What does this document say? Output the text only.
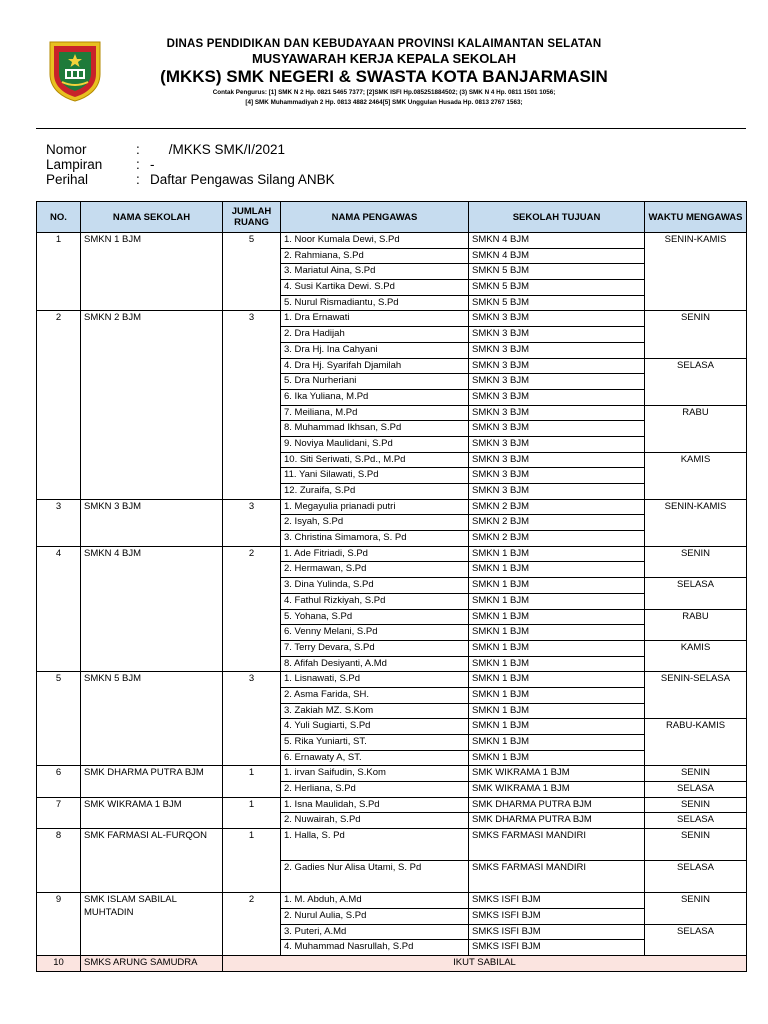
DINAS PENDIDIKAN DAN KEBUDAYAAN PROVINSI KALAIMANTAN SELATAN
MUSYAWARAH KERJA KEPALA SEKOLAH
(MKKS) SMK NEGERI & SWASTA KOTA BANJARMASIN
Contak Pengurus: [1] SMK N 2 Hp. 0821 5465 7377; [2]SMK ISFI Hp.085251884502; (3) SMK N 4 Hp. 0811 1501 1056;
[4] SMK Muhammadiyah 2 Hp. 0813 4882 2464[5] SMK Unggulan Husada Hp. 0813 2767 1563;
Nomor	: /MKKS SMK/I/2021
Lampiran	: -
Perihal	: Daftar Pengawas Silang ANBK
NO.	NAMA SEKOLAH	JUMLAH RUANG	NAMA PENGAWAS	SEKOLAH TUJUAN	WAKTU MENGAWAS
1	SMKN 1 BJM	5	1. Noor Kumala Dewi, S.Pd	SMKN 4 BJM	SENIN-KAMIS
			2. Rahmiana, S.Pd	SMKN 4 BJM	
			3. Mariatul Aina, S.Pd	SMKN 5 BJM	
			4. Susi Kartika Dewi. S.Pd	SMKN 5 BJM	
			5. Nurul Rismadiantu, S.Pd	SMKN 5 BJM	
2	SMKN 2 BJM	3	1. Dra Ernawati	SMKN 3 BJM	SENIN
			2. Dra Hadijah	SMKN 3 BJM	
			3. Dra Hj. Ina Cahyani	SMKN 3 BJM	
			4. Dra Hj. Syarifah Djamilah	SMKN 3 BJM	SELASA
			5. Dra Nurheriani	SMKN 3 BJM	
			6. Ika Yuliana, M.Pd	SMKN 3 BJM	
			7. Meiliana, M.Pd	SMKN 3 BJM	RABU
			8. Muhammad Ikhsan, S.Pd	SMKN 3 BJM	
			9. Noviya Maulidani, S.Pd	SMKN 3 BJM	
			10. Siti Seriwati, S.Pd., M.Pd	SMKN 3 BJM	KAMIS
			11. Yani Silawati, S.Pd	SMKN 3 BJM	
			12. Zuraifa, S.Pd	SMKN 3 BJM	
3	SMKN 3 BJM	3	1. Megayulia prianadi putri	SMKN 2 BJM	SENIN-KAMIS
			2. Isyah, S.Pd	SMKN 2 BJM	
			3. Christina Simamora, S. Pd	SMKN 2 BJM	
4	SMKN 4 BJM	2	1. Ade Fitriadi, S.Pd	SMKN 1 BJM	SENIN
			2. Hermawan, S.Pd	SMKN 1 BJM	
			3. Dina Yulinda, S.Pd	SMKN 1 BJM	SELASA
			4. Fathul Rizkiyah, S.Pd	SMKN 1 BJM	
			5. Yohana, S.Pd	SMKN 1 BJM	RABU
			6. Venny Melani, S.Pd	SMKN 1 BJM	
			7. Terry Devara, S.Pd	SMKN 1 BJM	KAMIS
			8. Afifah Desiyanti, A.Md	SMKN 1 BJM	
5	SMKN 5 BJM	3	1. Lisnawati, S.Pd	SMKN 1 BJM	SENIN-SELASA
			2. Asma Farida, SH.	SMKN 1 BJM	
			3. Zakiah MZ. S.Kom	SMKN 1 BJM	
			4. Yuli Sugiarti, S.Pd	SMKN 1 BJM	RABU-KAMIS
			5. Rika Yuniarti, ST.	SMKN 1 BJM	
			6. Ernawaty A, ST.	SMKN 1 BJM	
6	SMK DHARMA PUTRA BJM	1	1. irvan Saifudin, S.Kom	SMK WIKRAMA 1 BJM	SENIN
			2. Herliana, S.Pd	SMK WIKRAMA 1 BJM	SELASA
7	SMK WIKRAMA 1 BJM	1	1. Isna Maulidah, S.Pd	SMK DHARMA PUTRA BJM	SENIN
			2. Nuwairah, S.Pd	SMK DHARMA PUTRA BJM	SELASA
8	SMK FARMASI AL-FURQON	1	1. Halla, S. Pd	SMKS FARMASI MANDIRI	SENIN
			2. Gadies Nur Alisa Utami, S. Pd	SMKS FARMASI MANDIRI	SELASA
9	SMK ISLAM SABILAL MUHTADIN	2	1. M. Abduh, A.Md	SMKS ISFI BJM	SENIN
			2. Nurul Aulia, S.Pd	SMKS ISFI BJM	
			3. Puteri, A.Md	SMKS ISFI BJM	SELASA
			4. Muhammad Nasrullah, S.Pd	SMKS ISFI BJM	
10	SMKS ARUNG SAMUDRA	IKUT SABILAL			
